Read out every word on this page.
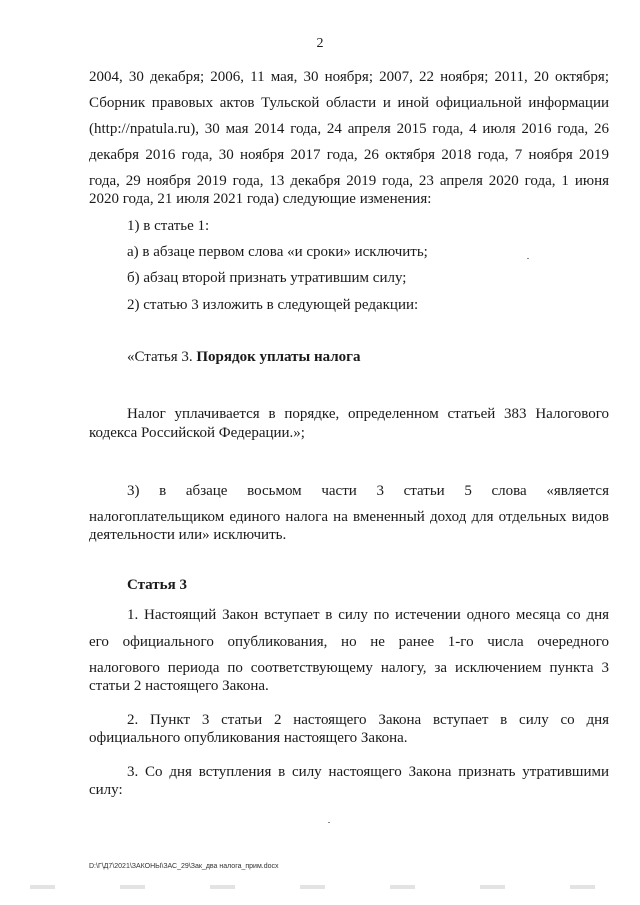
2

2004, 30 декабря; 2006, 11 мая, 30 ноября; 2007, 22 ноября; 2011, 20 октября;

Сборник правовых актов Тульской области и иной официальной информации

(http://npatula.ru), 30 мая 2014 года, 24 апреля 2015 года, 4 июля 2016 года, 26

декабря 2016 года, 30 ноября 2017 года, 26 октября 2018 года, 7 ноября 2019

года, 29 ноября 2019 года, 13 декабря 2019 года, 23 апреля 2020 года, 1 июня

2020 года, 21 июля 2021 года) следующие изменения:

1) в статье 1:

а) в абзаце первом слова «и сроки» исключить;

б) абзац второй признать утратившим силу;

2) статью 3 изложить в следующей редакции:

«Статья 3. Порядок уплаты налога

Налог уплачивается в порядке, определенном статьей 383 Налогового

кодекса Российской Федерации.»;

3) в абзаце восьмом части 3 статьи 5 слова «является

налогоплательщиком единого налога на вмененный доход для отдельных видов

деятельности или» исключить.

Статья 3

1. Настоящий Закон вступает в силу по истечении одного месяца со дня

его официального опубликования, но не ранее 1-го числа очередного

налогового периода по соответствующему налогу, за исключением пункта 3

статьи 2 настоящего Закона.

2. Пункт 3 статьи 2 настоящего Закона вступает в силу со дня

официального опубликования настоящего Закона.

3. Со дня вступления в силу настоящего Закона признать утратившими

силу:

D:\Г\Д7\2021\ЗАКОНЫ\ЗАС_29\Зак_два налога_прим.docx
